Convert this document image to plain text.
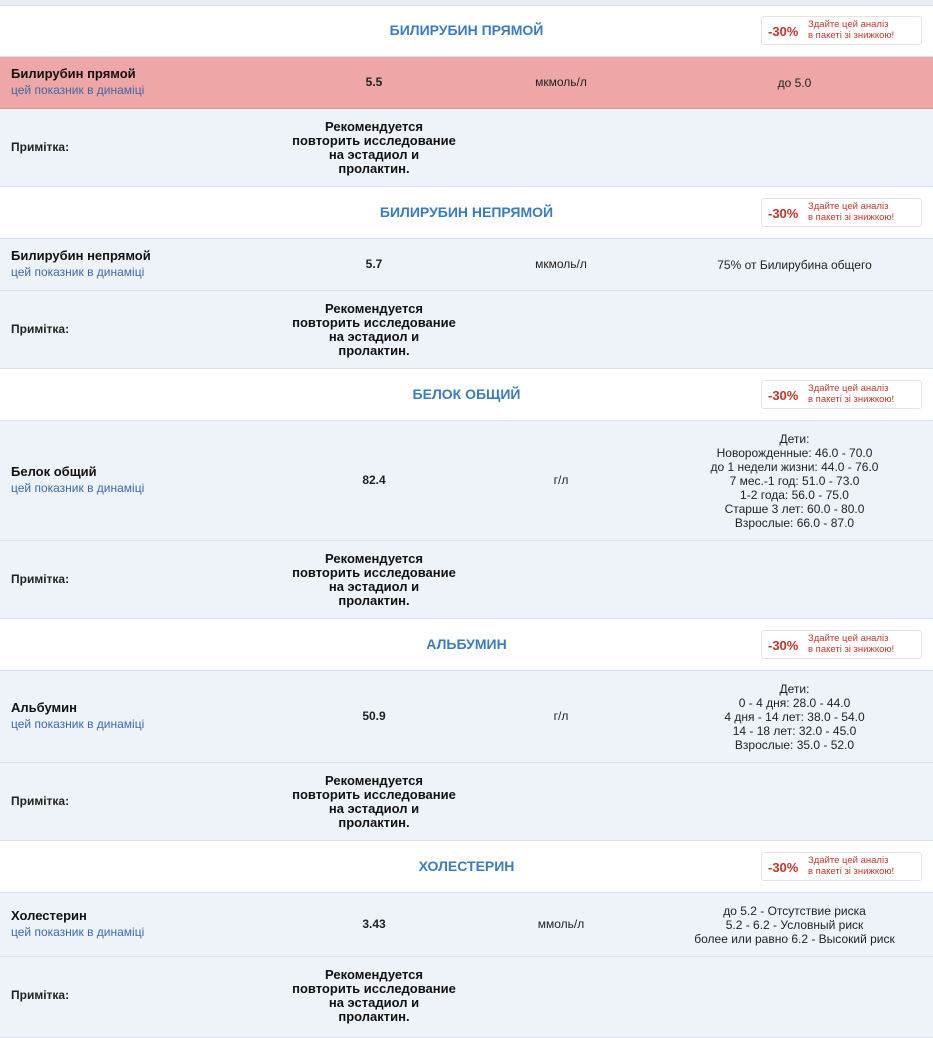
БИЛИРУБИН ПРЯМОЙ	-30% Здайте цей аналіз
в пакеті зі знижкою!
Билирубин прямой
цей показник в динаміці
5.5	мкмоль/л	до 5.0
Примітка:
Рекомендуется
повторить исследование
на эстадиол и
пролактин.
БИЛИРУБИН НЕПРЯМОЙ	-30% Здайте цей аналіз
в пакеті зі знижкою!
Билирубин непрямой
цей показник в динаміці
5.7	мкмоль/л	75% от Билирубина общего
Примітка:
Рекомендуется
повторить исследование
на эстадиол и
пролактин.
БЕЛОК ОБЩИЙ	-30% Здайте цей аналіз
в пакеті зі знижкою!
Белок общий
цей показник в динаміці
82.4	г/л
Дети:
Новорожденные: 46.0 - 70.0
до 1 недели жизни: 44.0 - 76.0
7 мес.-1 год: 51.0 - 73.0
1-2 года: 56.0 - 75.0
Старше 3 лет: 60.0 - 80.0
Взрослые: 66.0 - 87.0
Примітка:
Рекомендуется
повторить исследование
на эстадиол и
пролактин.
АЛЬБУМИН	-30% Здайте цей аналіз
в пакеті зі знижкою!
Альбумин
цей показник в динаміці
50.9	г/л
Дети:
0 - 4 дня: 28.0 - 44.0
4 дня - 14 лет: 38.0 - 54.0
14 - 18 лет: 32.0 - 45.0
Взрослые: 35.0 - 52.0
Примітка:
Рекомендуется
повторить исследование
на эстадиол и
пролактин.
ХОЛЕСТЕРИН	-30% Здайте цей аналіз
в пакеті зі знижкою!
Холестерин
цей показник в динаміці
3.43	ммоль/л
до 5.2 - Отсутствие риска
5.2 - 6.2 - Условный риск
более или равно 6.2 - Высокий риск
Примітка:
Рекомендуется
повторить исследование
на эстадиол и
пролактин.
